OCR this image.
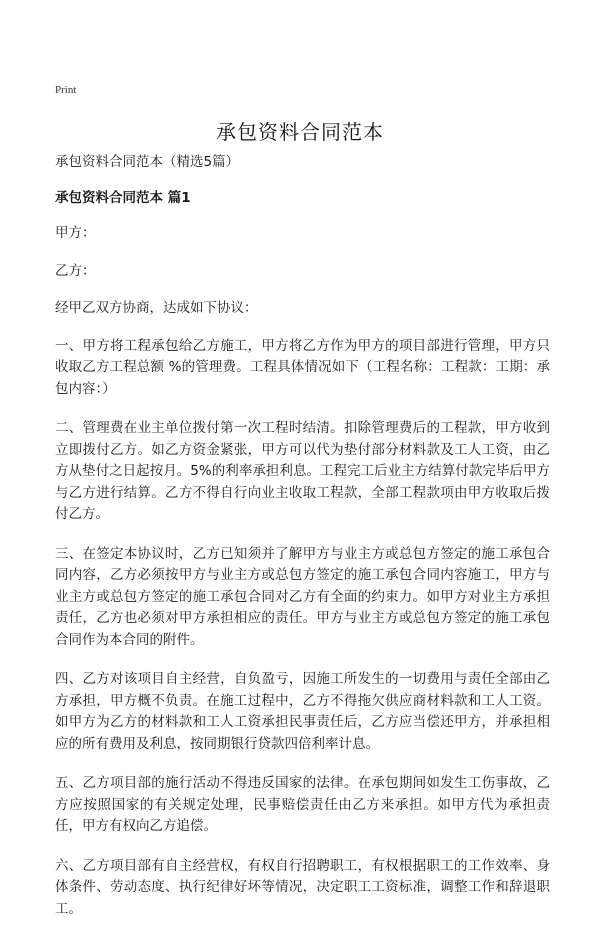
Print
承包资料合同范本

承包资料合同范本（精选5篇）

承包资料合同范本 篇1

甲方：

乙方：

经甲乙双方协商，达成如下协议：

一、甲方将工程承包给乙方施工，甲方将乙方作为甲方的项目部进行管理，甲方只收取乙方工程总额 %的管理费。工程具体情况如下（工程名称：工程款：工期：承包内容：）

二、管理费在业主单位拨付第一次工程时结清。扣除管理费后的工程款，甲方收到立即拨付乙方。如乙方资金紧张，甲方可以代为垫付部分材料款及工人工资，由乙方从垫付之日起按月。5%的利率承担利息。工程完工后业主方结算付款完毕后甲方与乙方进行结算。乙方不得自行向业主收取工程款，全部工程款项由甲方收取后拨付乙方。

三、在签定本协议时，乙方已知须并了解甲方与业主方或总包方签定的施工承包合同内容，乙方必须按甲方与业主方或总包方签定的施工承包合同内容施工，甲方与业主方或总包方签定的施工承包合同对乙方有全面的约束力。如甲方对业主方承担责任，乙方也必须对甲方承担相应的责任。甲方与业主方或总包方签定的施工承包合同作为本合同的附件。

四、乙方对该项目自主经营，自负盈亏，因施工所发生的一切费用与责任全部由乙方承担，甲方概不负责。在施工过程中，乙方不得拖欠供应商材料款和工人工资。如甲方为乙方的材料款和工人工资承担民事责任后，乙方应当偿还甲方，并承担相应的所有费用及利息，按同期银行贷款四倍利率计息。

五、乙方项目部的施行活动不得违反国家的法律。在承包期间如发生工伤事故，乙方应按照国家的有关规定处理，民事赔偿责任由乙方来承担。如甲方代为承担责任，甲方有权向乙方追偿。

六、乙方项目部有自主经营权，有权自行招聘职工，有权根据职工的工作效率、身体条件、劳动态度、执行纪律好坏等情况，决定职工工资标准，调整工作和辞退职工。
